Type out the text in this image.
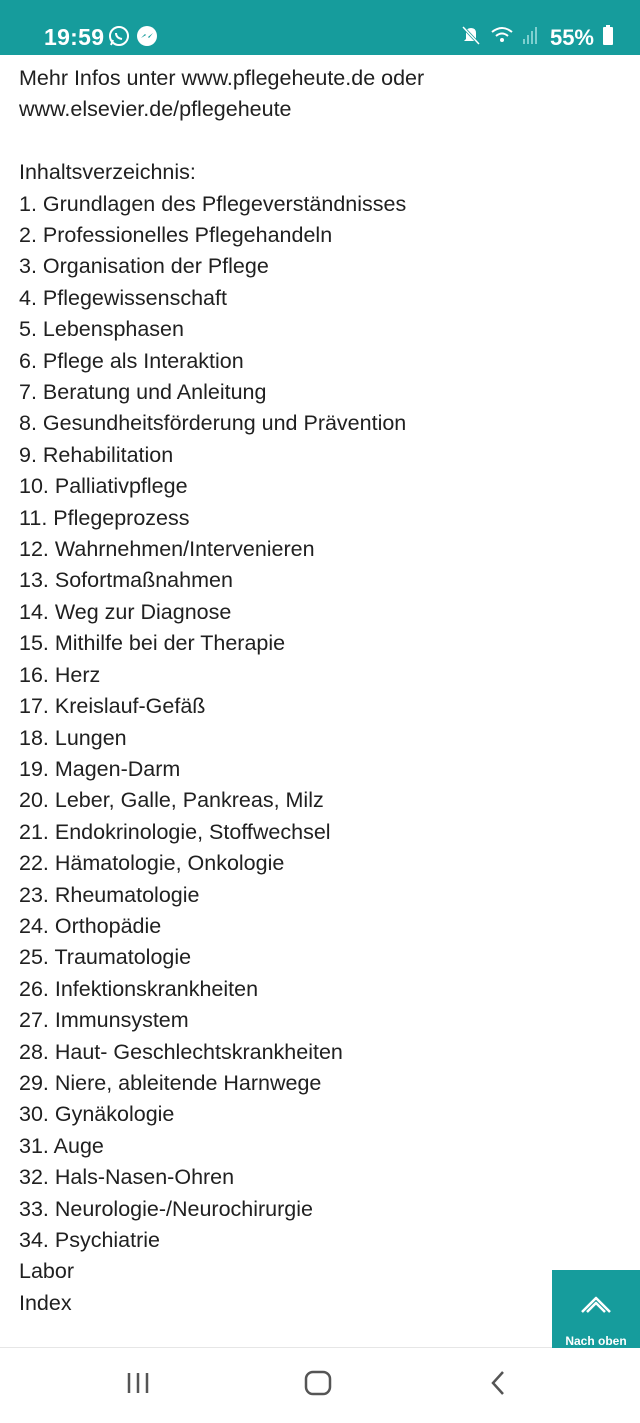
19:59	55%
Mehr Infos unter www.pflegeheute.de oder
www.elsevier.de/pflegeheute
Inhaltsverzeichnis:
1. Grundlagen des Pflegeverständnisses
2. Professionelles Pflegehandeln
3. Organisation der Pflege
4. Pflegewissenschaft
5. Lebensphasen
6. Pflege als Interaktion
7. Beratung und Anleitung
8. Gesundheitsförderung und Prävention
9. Rehabilitation
10. Palliativpflege
11. Pflegeprozess
12. Wahrnehmen/Intervenieren
13. Sofortmaßnahmen
14. Weg zur Diagnose
15. Mithilfe bei der Therapie
16. Herz
17. Kreislauf-Gefäß
18. Lungen
19. Magen-Darm
20. Leber, Galle, Pankreas, Milz
21. Endokrinologie, Stoffwechsel
22. Hämatologie, Onkologie
23. Rheumatologie
24. Orthopädie
25. Traumatologie
26. Infektionskrankheiten
27. Immunsystem
28. Haut- Geschlechtskrankheiten
29. Niere, ableitende Harnwege
30. Gynäkologie
31. Auge
32. Hals-Nasen-Ohren
33. Neurologie-/Neurochirurgie
34. Psychiatrie
Labor
Index
Nach oben
